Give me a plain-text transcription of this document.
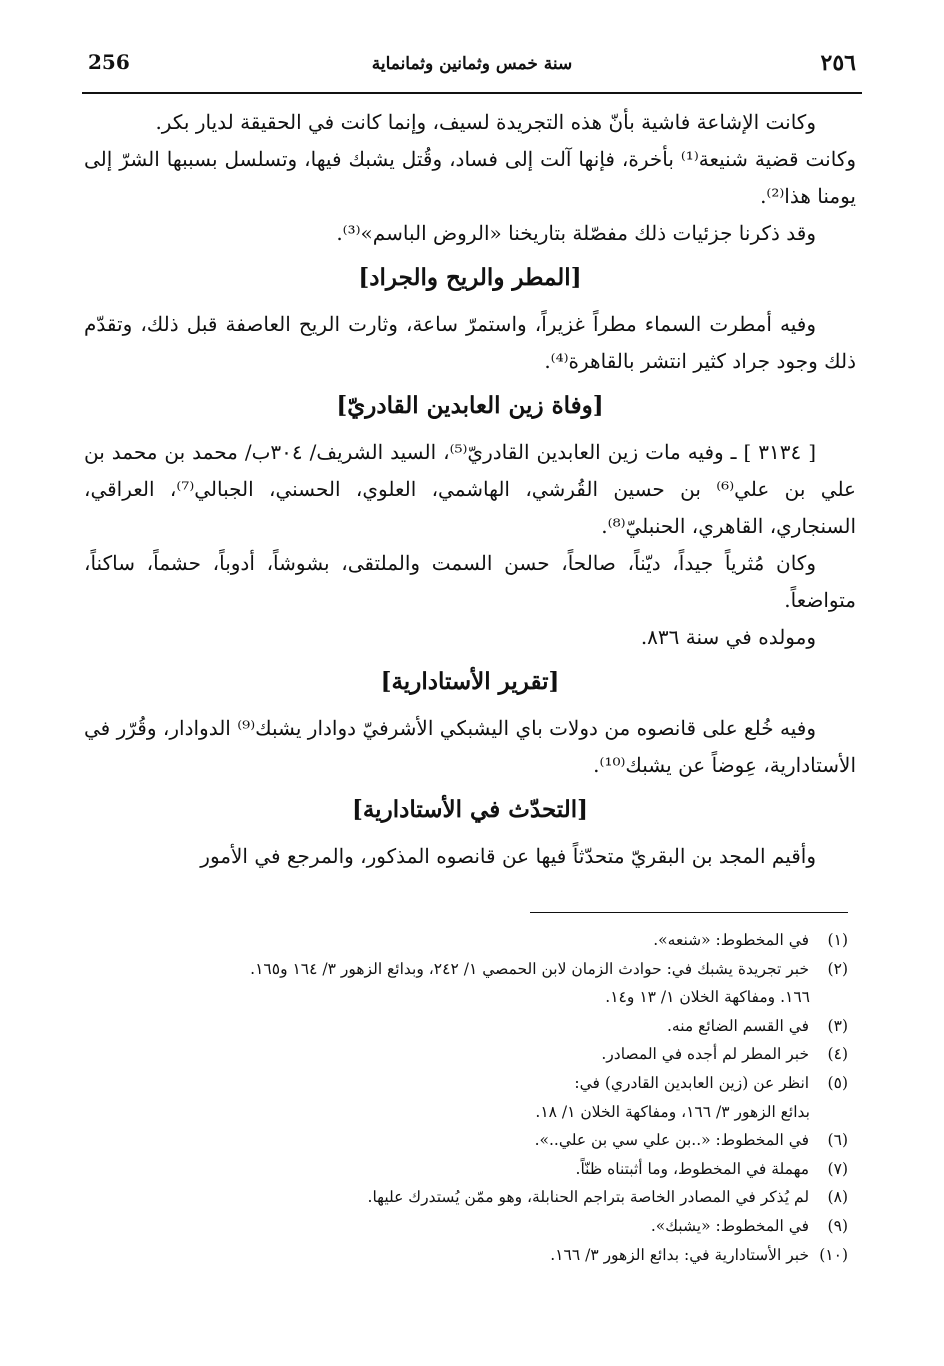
256	سنة خمس وثمانين وثمانماية	٢٥٦

وكانت الإشاعة فاشية بأنّ هذه التجريدة لسيف، وإنما كانت في الحقيقة لديار بكر.

وكانت قضية شنيعة⁽¹⁾ بأخرة، فإنها آلت إلى فساد، وقُتل يشبك فيها، وتسلسل بسببها الشرّ إلى يومنا هذا⁽²⁾.

وقد ذكرنا جزئيات ذلك مفصّلة بتاريخنا «الروض الباسم»⁽³⁾.

[المطر والريح والجراد]

وفيه أمطرت السماء مطراً غزيراً، واستمرّ ساعة، وثارت الريح العاصفة قبل ذلك، وتقدّم ذلك وجود جراد كثير انتشر بالقاهرة⁽⁴⁾.

[وفاة زين العابدين القادريّ]

[ ٣١٣٤ ] ـ وفيه مات زين العابدين القادريّ⁽⁵⁾، السيد الشريف/ ٣٠٤ب/ محمد بن محمد بن علي بن علي⁽⁶⁾ بن حسين القُرشي، الهاشمي، العلوي، الحسني، الجبالي⁽⁷⁾، العراقي، السنجاري، القاهري، الحنبليّ⁽⁸⁾.

وكان مُثرياً جيداً، ديّناً، صالحاً، حسن السمت والملتقى، بشوشاً، أدوباً، حشماً، ساكناً، متواضعاً.

ومولده في سنة ٨٣٦.

[تقرير الأستادارية]

وفيه خُلع على قانصوه من دولات باي اليشبكي الأشرفيّ دوادار يشبك⁽⁹⁾ الدوادار، وقُرّر في الأستادارية، عِوضاً عن يشبك⁽¹⁰⁾.

[التحدّث في الأستادارية]

وأقيم المجد بن البقريّ متحدّثاً فيها عن قانصوه المذكور، والمرجع في الأمور

(١) في المخطوط: «شنعه».
(٢) خبر تجريدة يشبك في: حوادث الزمان لابن الحمصي ١/ ٢٤٢، وبدائع الزهور ٣/ ١٦٤ و١٦٥.
١٦٦. ومفاكهة الخلان ١/ ١٣ و١٤.
(٣) في القسم الضائع منه.
(٤) خبر المطر لم أجده في المصادر.
(٥) انظر عن (زين العابدين القادري) في:
بدائع الزهور ٣/ ١٦٦، ومفاكهة الخلان ١/ ١٨.
(٦) في المخطوط: «..بن علي سي بن علي..».
(٧) مهملة في المخطوط، وما أثبتناه ظنّاً.
(٨) لم يُذكر في المصادر الخاصة بتراجم الحنابلة، وهو ممّن يُستدرك عليها.
(٩) في المخطوط: «يشبك».
(١٠) خبر الأستادارية في: بدائع الزهور ٣/ ١٦٦.
